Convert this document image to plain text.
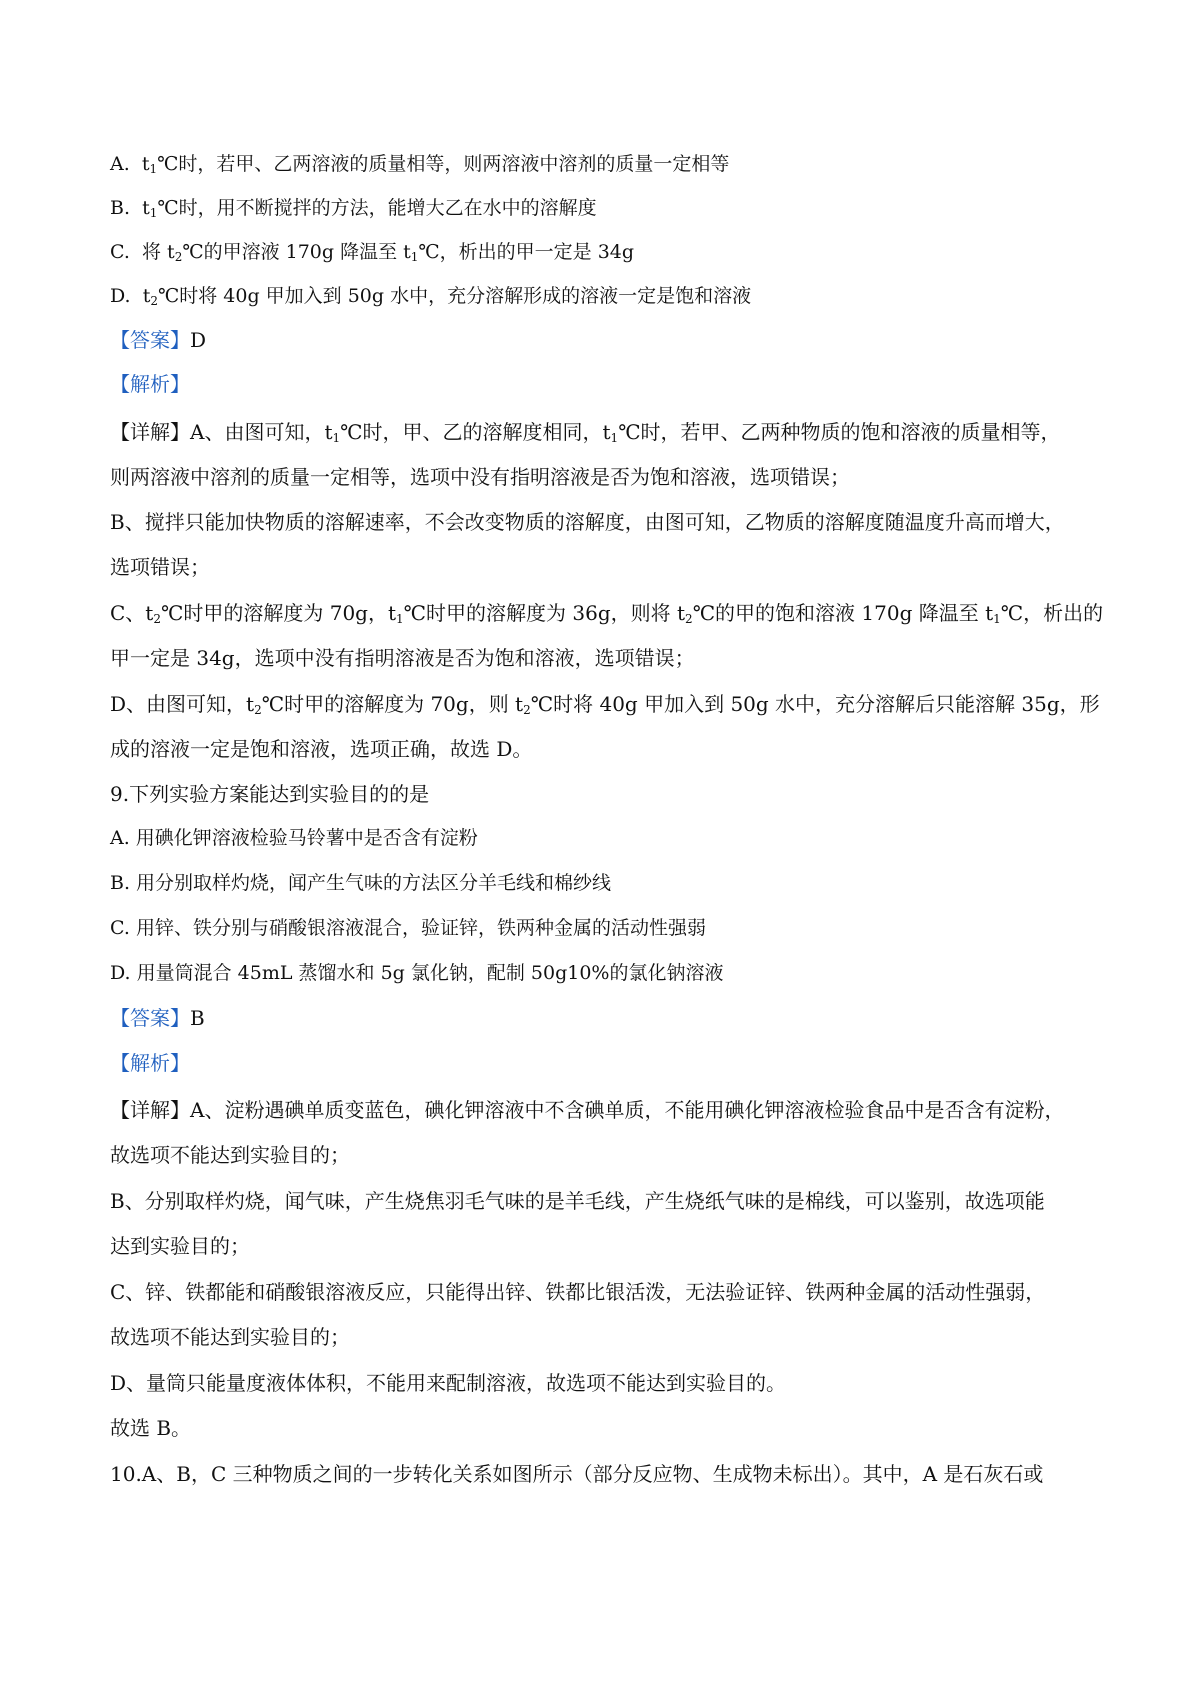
A. $t_1℃$时，若甲、乙两溶液的质量相等，则两溶液中溶剂的质量一定相等
B. $t_1℃$时，用不断搅拌的方法，能增大乙在水中的溶解度
C. 将 $t_2℃$的甲溶液 170g 降温至 $t_1℃$，析出的甲一定是 34g
D. $t_2℃$时将 40g 甲加入到 50g 水中，充分溶解形成的溶液一定是饱和溶液
【答案】D
【解析】
【详解】A、由图可知，$t_1℃$时，甲、乙的溶解度相同，$t_1℃$时，若甲、乙两种物质的饱和溶液的质量相等，
则两溶液中溶剂的质量一定相等，选项中没有指明溶液是否为饱和溶液，选项错误；
B、搅拌只能加快物质的溶解速率，不会改变物质的溶解度，由图可知，乙物质的溶解度随温度升高而增大，
选项错误；
C、$t_2℃$时甲的溶解度为 70g，$t_1℃$时甲的溶解度为 36g，则将 $t_2℃$的甲的饱和溶液 170g 降温至 $t_1℃$，析出的
甲一定是 34g，选项中没有指明溶液是否为饱和溶液，选项错误；
D、由图可知，$t_2℃$时甲的溶解度为 70g，则 $t_2℃$时将 40g 甲加入到 50g 水中，充分溶解后只能溶解 35g，形
成的溶液一定是饱和溶液，选项正确，故选 D。
9.下列实验方案能达到实验目的的是
A. 用碘化钾溶液检验马铃薯中是否含有淀粉
B. 用分别取样灼烧，闻产生气味的方法区分羊毛线和棉纱线
C. 用锌、铁分别与硝酸银溶液混合，验证锌，铁两种金属的活动性强弱
D. 用量筒混合 45mL 蒸馏水和 5g 氯化钠，配制 50g10%的氯化钠溶液
【答案】B
【解析】
【详解】A、淀粉遇碘单质变蓝色，碘化钾溶液中不含碘单质，不能用碘化钾溶液检验食品中是否含有淀粉，
故选项不能达到实验目的；
B、分别取样灼烧，闻气味，产生烧焦羽毛气味的是羊毛线，产生烧纸气味的是棉线，可以鉴别，故选项能
达到实验目的；
C、锌、铁都能和硝酸银溶液反应，只能得出锌、铁都比银活泼，无法验证锌、铁两种金属的活动性强弱，
故选项不能达到实验目的；
D、量筒只能量度液体体积，不能用来配制溶液，故选项不能达到实验目的。
故选 B。
10.A、B，C 三种物质之间的一步转化关系如图所示（部分反应物、生成物未标出）。其中，A 是石灰石或
